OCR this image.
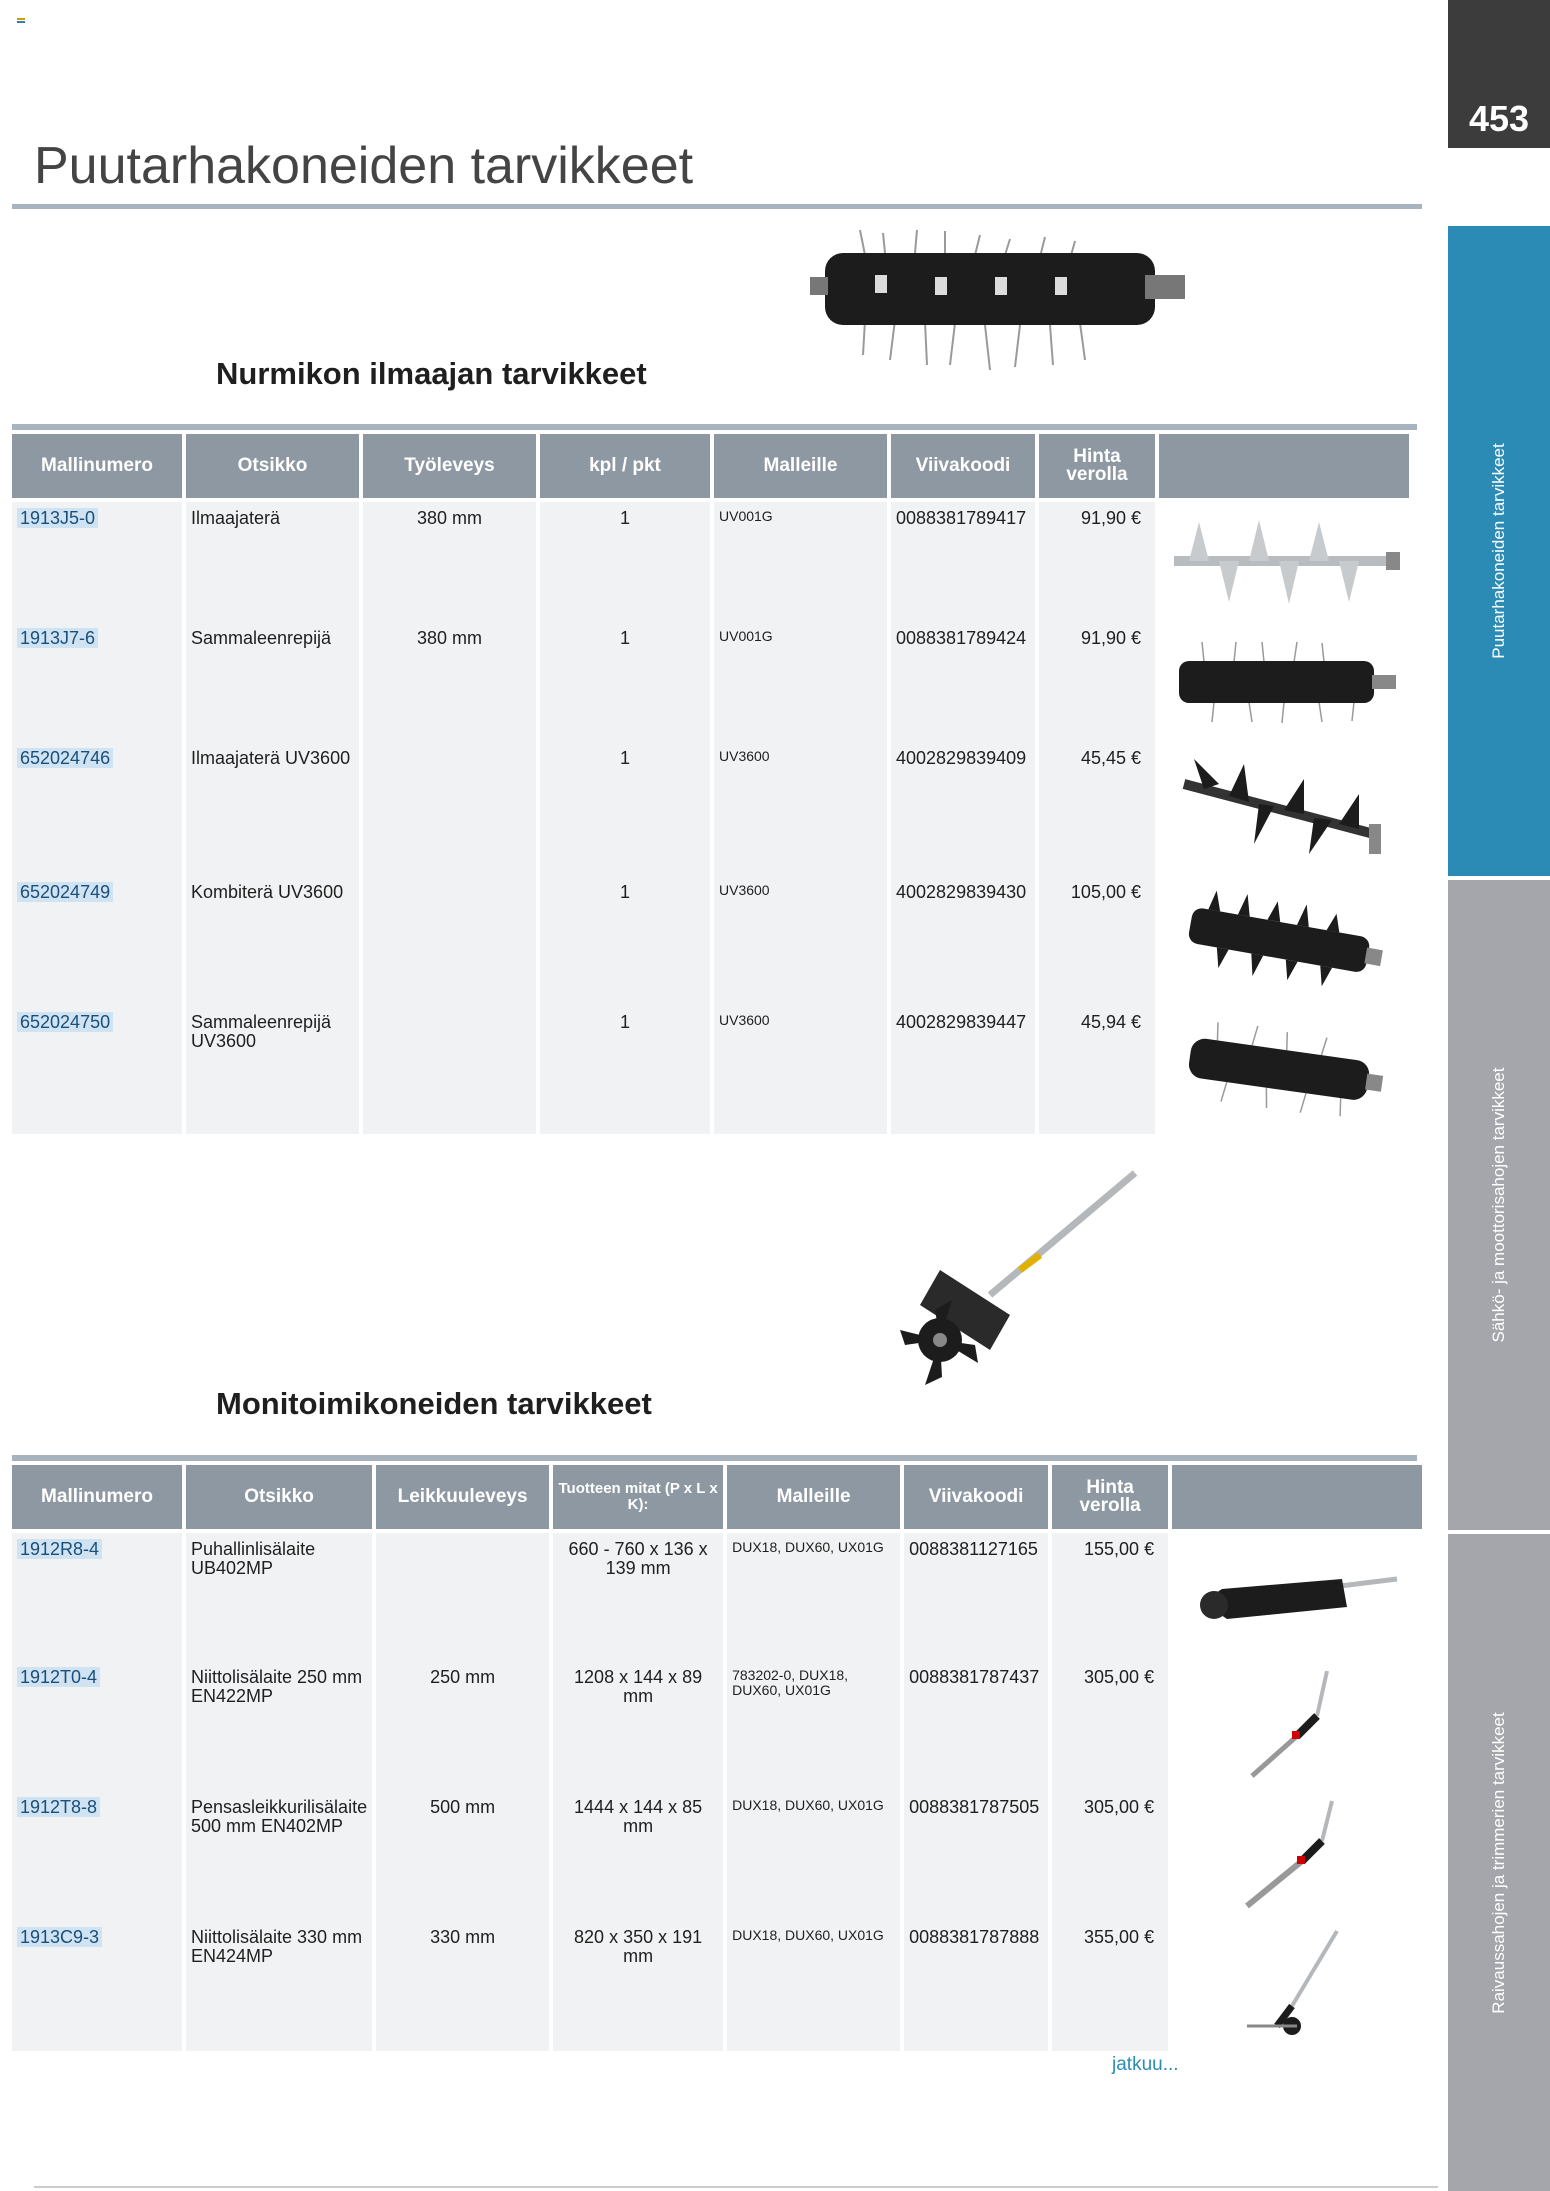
453
Puutarhakoneiden tarvikkeet
Sähkö- ja moottorisahojen tarvikkeet
Raivaussahojen ja trimmerien tarvikkeet
Puutarhakoneiden tarvikkeet
Nurmikon ilmaajan tarvikkeet
Mallinumero	Otsikko	Työleveys	kpl / pkt	Malleille	Viivakoodi	Hinta verolla	

1913J5-0	Ilmaajaterä	380 mm	1	UV001G	0088381789417	91,90 €	

1913J7-6	Sammaleenrepijä	380 mm	1	UV001G	0088381789424	91,90 €	

652024746	Ilmaajaterä UV3600		1	UV3600	4002829839409	45,45 €	

652024749	Kombiterä UV3600		1	UV3600	4002829839430	105,00 €	

652024750	Sammaleenrepijä UV3600		1	UV3600	4002829839447	45,94 €	
Monitoimikoneiden tarvikkeet
Mallinumero	Otsikko	Leikkuuleveys	Tuotteen mitat (P x L x K):	Malleille	Viivakoodi	Hinta verolla	

1912R8-4	Puhallinlisälaite UB402MP		660 - 760 x 136 x 139 mm	DUX18, DUX60, UX01G	0088381127165	155,00 €	

1912T0-4	Niittolisälaite 250 mm EN422MP	250 mm	1208 x 144 x 89 mm	783202-0, DUX18, DUX60, UX01G	0088381787437	305,00 €	

1912T8-8	Pensasleikkurilisälaite 500 mm EN402MP	500 mm	1444 x 144 x 85 mm	DUX18, DUX60, UX01G	0088381787505	305,00 €	

1913C9-3	Niittolisälaite 330 mm EN424MP	330 mm	820 x 350 x 191 mm	DUX18, DUX60, UX01G	0088381787888	355,00 €	
jatkuu...
